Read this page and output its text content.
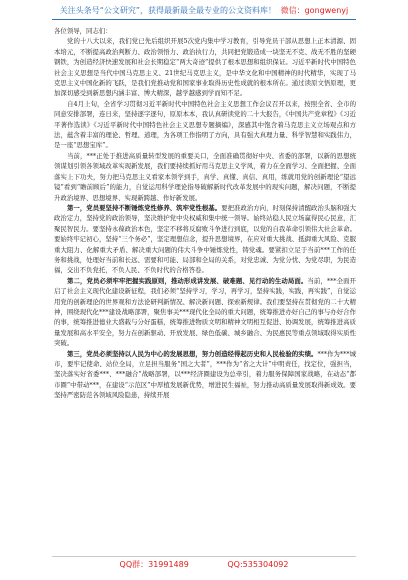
关注头条号“公文研究”，获得最新最全最专业的公文资料库！ 微信：gongwenyj

各位领导，同志们：

党的十八大以来，我们党已先后组织开展5次党内集中学习教育，引导党员干部从思想上正本清源、固本培元，不断提高政治判断力、政治领悟力、政治执行力，共同把党锻造成一块坚无不克、战无不胜的坚硬钢铁，为创造经济快速发展和社会长期稳定“两大奇迹”提供了根本思想和组织保证。习近平新时代中国特色社会主义思想是当代中国马克思主义、21世纪马克思主义，是中华文化和中国精神的时代精华，实现了马克思主义中国化新的飞跃，是我们党推动党和国家事业取得历史性成就的根本所在。通过读原文悟原理，更加深切感受到新思想内涵丰富、博大精深，越学越感到学而知不足。

自4月上旬，全省学习贯彻习近平新时代中国特色社会主义思想工作会议召开以来，按照全省、全市的同意安排部署，连日来，坚持逐字逐句，原原本本，我认真研读党的二十大报告，《中国共产党章程》《习近平著作选读》《习近平新时代中国特色社会主义思想专题摘编》，深感其中饱含着马克思主义立场观点和方法，蕴含着丰富的理论、哲理、道理，为各项工作指明了方向，具有强大真理力量、科学智慧和实践伟力，是一座“思想宝库”。

当前，***正处于推进高质量转型发展的重要关口，全面准确贯彻好中央、省委的部署，以新的思想统领谋划引领各领域改革实现新发展，我们要持续抓好用马克思主义学风，着力在全面学习、全面把握、全面落实上下功夫，努力把马克思主义看家本领学到手，真学、真懂、真信、真用，练就用党的创新理论“望远镜”看到“瞻前顾后”的能力，自觉运用科学理论指导破解新时代改革发展中的现实问题，解决问题，不断提升政治境界、思想境界、实现新跨越、作好新发展。

第一，党员要坚持不断锤炼党性修养、筑牢党性根基。要把准政治方向，时刻保持清醒政治头脑和强大政治定力，坚持党的政治领导，坚决维护党中央权威和集中统一领导。始终站稳人民立场赢得民心民意，汇聚民智民力。要坚持永葆政治本色，坚定不移将反腐败斗争进行到底，以党的自我革命引领伟大社会革命。要始终牢记初心，坚持“三个务必”，坚定理想信念，提升思想境界，在应对重大挑战、抵御重大风险、克服重大阻力、化解重大矛盾、解决重大问题的伟大斗争中锤炼党性，铸党魂。要紧扣立足于当前***工作的任务和挑战，处理好当前和长远、需要和可能、局部和全局的关系，对党忠诚、为党分忧、为党尽职，为民造福，交出不负党托，不负人民、不负时代的合格答卷。

第二，党员必须牢牢把握实践原则，推动形成讲发展、破难题、见行动的生动局面。当前，***全面开启了社会主义现代化建设新征程，我们必须“坚持学习，学习，再学习，坚持实践，实践，再实践”，自觉运用党的创新理论的世界观和方法论研判新情况、解决新问题、探索新规律。我们要坚持在贯彻党的二十大精神，围绕现代化***建设战略部署，聚焦事关***现代化全局的重大问题，统筹推进办好自己的事与办好合作的事，统筹推进德业大盛载与分好蛋糕，统筹推进物质文明和精神文明相互促进、协调发展，统筹推进高质量发展和高水平安全，努力在创新驱动、开放发展、绿色低碳、城乡融合、为民惠民等重点领域取得实质性突破。

第三，党员必须坚持以人民为中心的发展思想，努力创造经得起历史和人民检验的实绩。***作为***城市，要牢记使命、站位全局，立足担当服务“国之大者”，***作为“省之大计”中明责任，找定位，强担当，坚决落实好省委***、***融合”战略部署，以***经济圈建设为总牵引，着力服务保障国家战略，在动态“都市圈”中带动***，在建设“示范区”中厚植发展新优势，增进民生福祉，努力推动高质量发展取得新成效。要坚持严密防范各领域风险隐患，持续开展

QQ群：31991489	QQ:535304092
